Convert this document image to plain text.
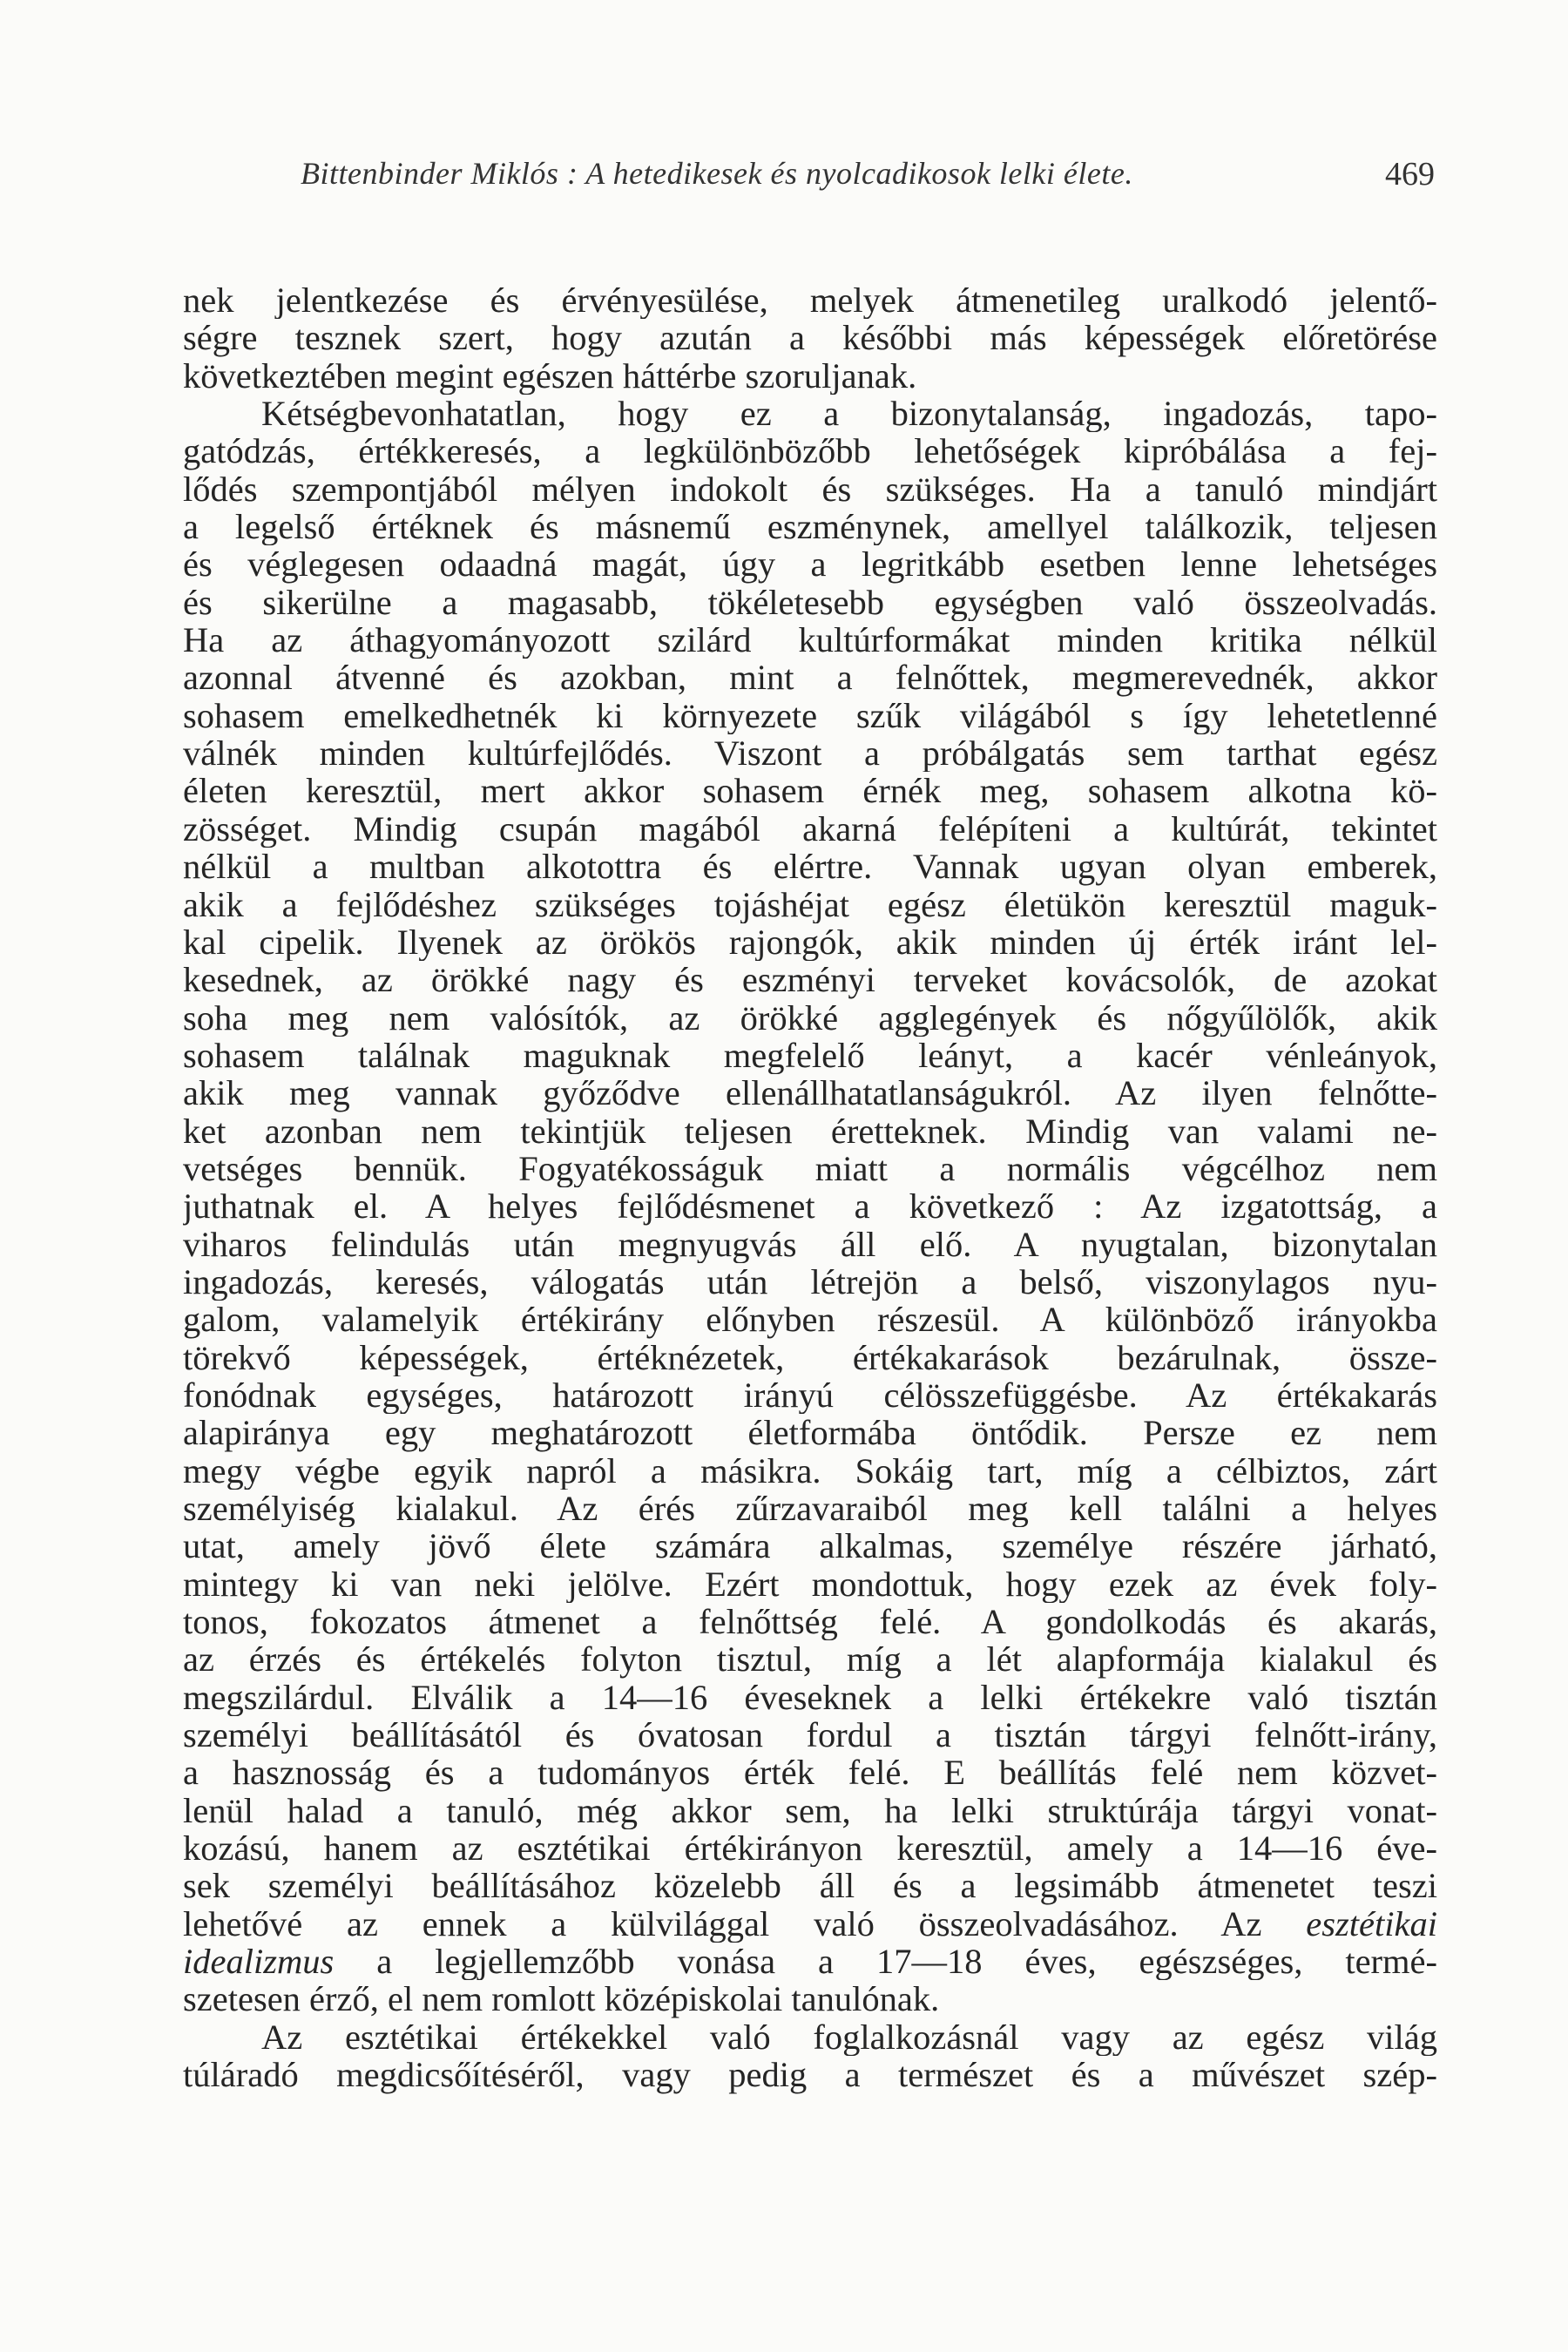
Bittenbinder Miklós : A hetedikesek és nyolcadikosok lelki élete.	469
nek jelentkezése és érvényesülése, melyek átmenetileg uralkodó jelentő-
ségre tesznek szert, hogy azután a későbbi más képességek előretörése
következtében megint egészen háttérbe szoruljanak.
Kétségbevonhatatlan, hogy ez a bizonytalanság, ingadozás, tapo-
gatódzás, értékkeresés, a legkülönbözőbb lehetőségek kipróbálása a fej-
lődés szempontjából mélyen indokolt és szükséges. Ha a tanuló mindjárt
a legelső értéknek és másnemű eszménynek, amellyel találkozik, teljesen
és véglegesen odaadná magát, úgy a legritkább esetben lenne lehetséges
és sikerülne a magasabb, tökéletesebb egységben való összeolvadás.
Ha az áthagyományozott szilárd kultúrformákat minden kritika nélkül
azonnal átvenné és azokban, mint a felnőttek, megmerevednék, akkor
sohasem emelkedhetnék ki környezete szűk világából s így lehetetlenné
válnék minden kultúrfejlődés. Viszont a próbálgatás sem tarthat egész
életen keresztül, mert akkor sohasem érnék meg, sohasem alkotna kö-
zösséget. Mindig csupán magából akarná felépíteni a kultúrát, tekintet
nélkül a multban alkotottra és elértre. Vannak ugyan olyan emberek,
akik a fejlődéshez szükséges tojáshéjat egész életükön keresztül maguk-
kal cipelik. Ilyenek az örökös rajongók, akik minden új érték iránt lel-
kesednek, az örökké nagy és eszményi terveket kovácsolók, de azokat
soha meg nem valósítók, az örökké agglegények és nőgyűlölők, akik
sohasem találnak maguknak megfelelő leányt, a kacér vénleányok,
akik meg vannak győződve ellenállhatatlanságukról. Az ilyen felnőtte-
ket azonban nem tekintjük teljesen éretteknek. Mindig van valami ne-
vetséges bennük. Fogyatékosságuk miatt a normális végcélhoz nem
juthatnak el. A helyes fejlődésmenet a következő : Az izgatottság, a
viharos felindulás után megnyugvás áll elő. A nyugtalan, bizonytalan
ingadozás, keresés, válogatás után létrejön a belső, viszonylagos nyu-
galom, valamelyik értékirány előnyben részesül. A különböző irányokba
törekvő képességek, értéknézetek, értékakarások bezárulnak, össze-
fonódnak egységes, határozott irányú célösszefüggésbe. Az értékakarás
alapiránya egy meghatározott életformába öntődik. Persze ez nem
megy végbe egyik napról a másikra. Sokáig tart, míg a célbiztos, zárt
személyiség kialakul. Az érés zűrzavaraiból meg kell találni a helyes
utat, amely jövő élete számára alkalmas, személye részére járható,
mintegy ki van neki jelölve. Ezért mondottuk, hogy ezek az évek foly-
tonos, fokozatos átmenet a felnőttség felé. A gondolkodás és akarás,
az érzés és értékelés folyton tisztul, míg a lét alapformája kialakul és
megszilárdul. Elválik a 14—16 éveseknek a lelki értékekre való tisztán
személyi beállításától és óvatosan fordul a tisztán tárgyi felnőtt-irány,
a hasznosság és a tudományos érték felé. E beállítás felé nem közvet-
lenül halad a tanuló, még akkor sem, ha lelki struktúrája tárgyi vonat-
kozású, hanem az esztétikai értékirányon keresztül, amely a 14—16 éve-
sek személyi beállításához közelebb áll és a legsimább átmenetet teszi
lehetővé az ennek a külvilággal való összeolvadásához. Az esztétikai
idealizmus a legjellemzőbb vonása a 17—18 éves, egészséges, termé-
szetesen érző, el nem romlott középiskolai tanulónak.
Az esztétikai értékekkel való foglalkozásnál vagy az egész világ
túláradó megdicsőítéséről, vagy pedig a természet és a művészet szép-
